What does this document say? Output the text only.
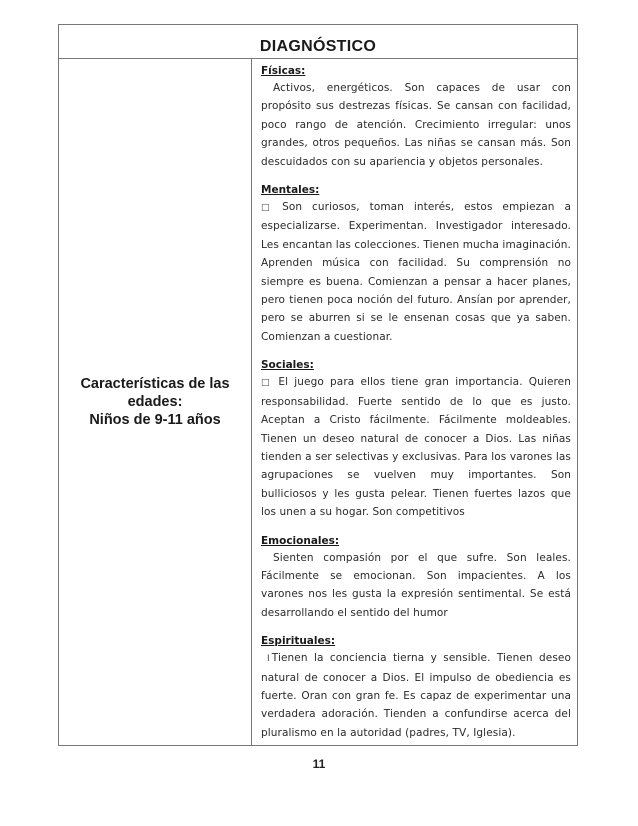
DIAGNÓSTICO
Características de las
edades:
Niños de 9-11 años
Físicas:
Activos, energéticos. Son capaces de usar con propósito sus destrezas físicas. Se cansan con facilidad, poco rango de atención. Crecimiento irregular: unos grandes, otros pequeños. Las niñas se cansan más. Son descuidados con su apariencia y objetos personales.
Mentales:
□ Son curiosos, toman interés, estos empiezan a especializarse. Experimentan. Investigador interesado. Les encantan las colecciones. Tienen mucha imaginación. Aprenden música con facilidad. Su comprensión no siempre es buena. Comienzan a pensar a hacer planes, pero tienen poca noción del futuro. Ansían por aprender, pero se aburren si se le ensenan cosas que ya saben. Comienzan a cuestionar.
Sociales:
□ El juego para ellos tiene gran importancia. Quieren responsabilidad. Fuerte sentido de lo que es justo. Aceptan a Cristo fácilmente. Fácilmente moldeables. Tienen un deseo natural de conocer a Dios. Las niñas tienden a ser selectivas y exclusivas. Para los varones las agrupaciones se vuelven muy importantes. Son bulliciosos y les gusta pelear. Tienen fuertes lazos que los unen a su hogar. Son competitivos
Emocionales:
Sienten compasión por el que sufre. Son leales. Fácilmente se emocionan. Son impacientes. A los varones nos les gusta la expresión sentimental. Se está desarrollando el sentido del humor
Espirituales:
I Tienen la conciencia tierna y sensible. Tienen deseo natural de conocer a Dios. El impulso de obediencia es fuerte. Oran con gran fe. Es capaz de experimentar una verdadera adoración. Tienden a confundirse acerca del pluralismo en la autoridad (padres, TV, Iglesia).
11
